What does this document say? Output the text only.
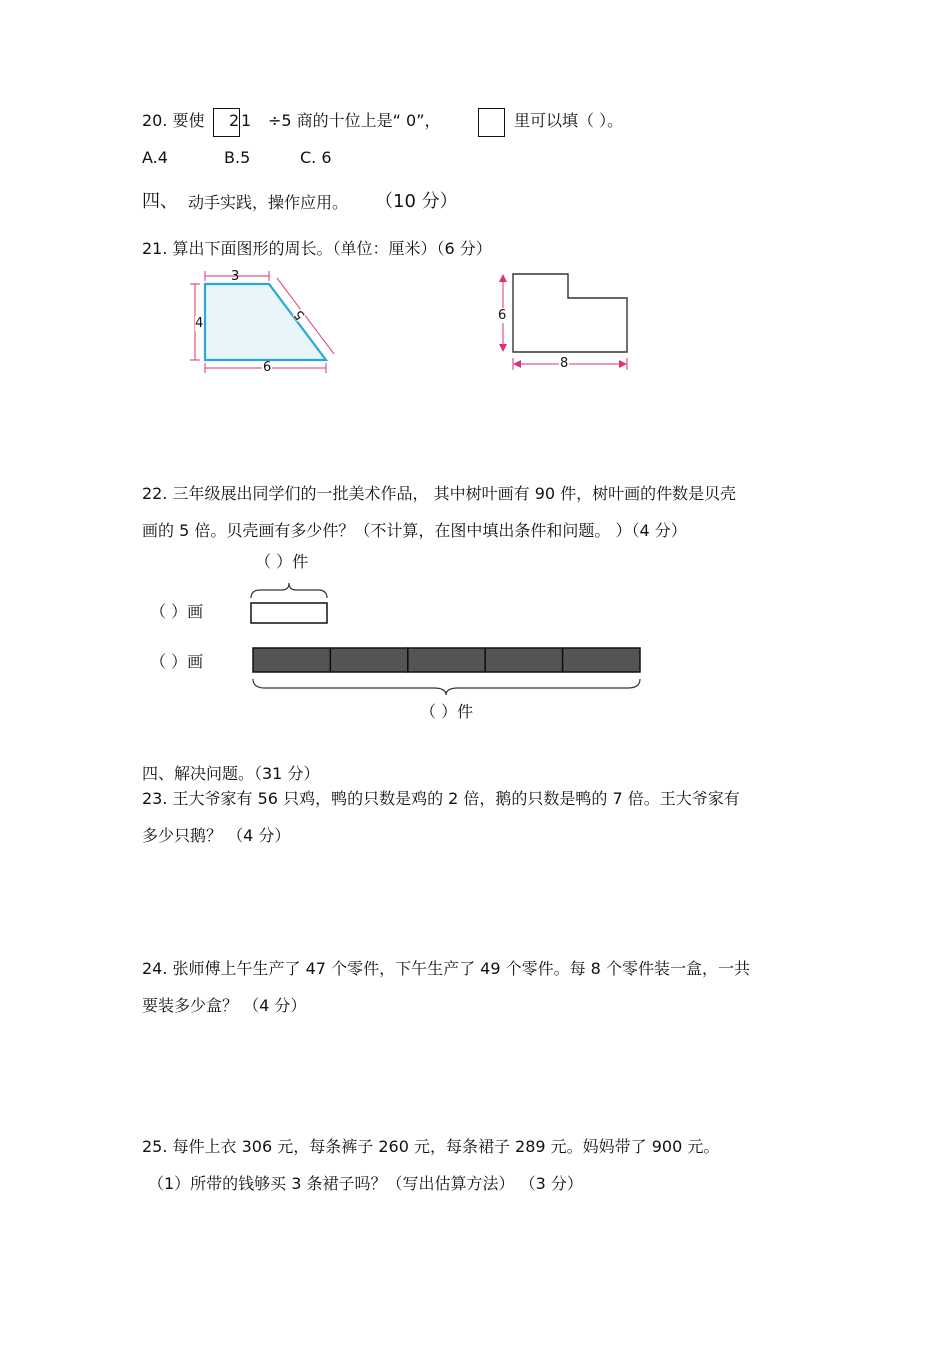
20. 要使 2 1 ÷5 商的十位上是“ 0”，	里可以填（ ）。
A.4	B.5	C. 6
四、 动手实践，操作应用。 （10 分）
21. 算出下面图形的周长。（单位：厘米）（6 分）
3
4
5
6
6
8
22. 三年级展出同学们的一批美术作品， 其中树叶画有 90 件，树叶画的件数是贝壳
画的 5 倍。贝壳画有多少件？（不计算，在图中填出条件和问题。 ）（4 分）
（ ）件
（ ）画
（ ）画
（ ）件
四、解决问题。（31 分）
23. 王大爷家有 56 只鸡，鸭的只数是鸡的 2 倍，鹅的只数是鸭的 7 倍。王大爷家有
多少只鹅？ （4 分）
24. 张师傅上午生产了 47 个零件，下午生产了 49 个零件。每 8 个零件装一盒，一共
要装多少盒？ （4 分）
25. 每件上衣 306 元，每条裤子 260 元，每条裙子 289 元。妈妈带了 900 元。
（1）所带的钱够买 3 条裙子吗？（写出估算方法） （3 分）
